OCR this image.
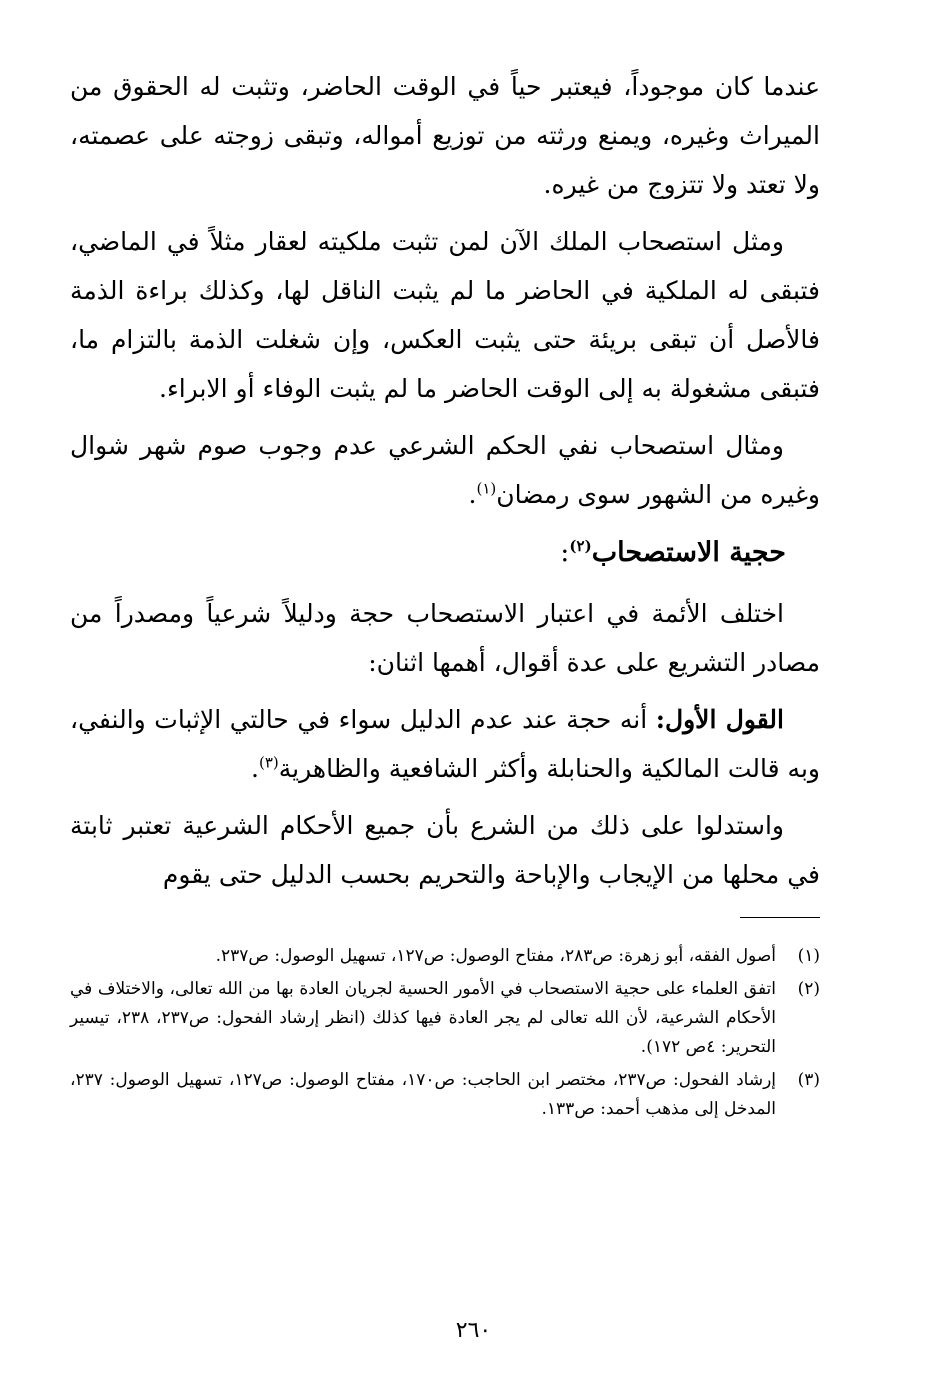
عندما كان موجوداً، فيعتبر حياً في الوقت الحاضر، وتثبت له الحقوق من الميراث وغيره، ويمنع ورثته من توزيع أمواله، وتبقى زوجته على عصمته، ولا تعتد ولا تتزوج من غيره.

ومثل استصحاب الملك الآن لمن تثبت ملكيته لعقار مثلاً في الماضي، فتبقى له الملكية في الحاضر ما لم يثبت الناقل لها، وكذلك براءة الذمة فالأصل أن تبقى بريئة حتى يثبت العكس، وإن شغلت الذمة بالتزام ما، فتبقى مشغولة به إلى الوقت الحاضر ما لم يثبت الوفاء أو الابراء.

ومثال استصحاب نفي الحكم الشرعي عدم وجوب صوم شهر شوال وغيره من الشهور سوى رمضان$^{(١)}$.

حجية الاستصحاب$^{(٢)}$:

اختلف الأئمة في اعتبار الاستصحاب حجة ودليلاً شرعياً ومصدراً من مصادر التشريع على عدة أقوال، أهمها اثنان:

القول الأول: أنه حجة عند عدم الدليل سواء في حالتي الإثبات والنفي، وبه قالت المالكية والحنابلة وأكثر الشافعية والظاهرية$^{(٣)}$.

واستدلوا على ذلك من الشرع بأن جميع الأحكام الشرعية تعتبر ثابتة في محلها من الإيجاب والإباحة والتحريم بحسب الدليل حتى يقوم

(١)
أصول الفقه، أبو زهرة: ص٢٨٣، مفتاح الوصول: ص١٢٧، تسهيل الوصول: ص٢٣٧.
(٢)
اتفق العلماء على حجية الاستصحاب في الأمور الحسية لجريان العادة بها من الله تعالى، والاختلاف في الأحكام الشرعية، لأن الله تعالى لم يجر العادة فيها كذلك (انظر إرشاد الفحول: ص٢٣٧، ٢٣٨، تيسير التحرير: ٤ص ١٧٢).
(٣)
إرشاد الفحول: ص٢٣٧، مختصر ابن الحاجب: ص١٧٠، مفتاح الوصول: ص١٢٧، تسهيل الوصول: ٢٣٧، المدخل إلى مذهب أحمد: ص١٣٣.
٢٦٠
